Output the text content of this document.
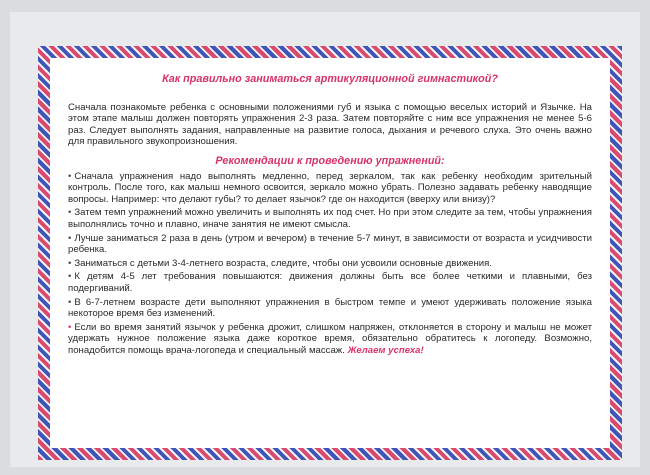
Как правильно заниматься артикуляционной гимнастикой?

Сначала познакомьте ребенка с основными положениями губ и языка с помощью веселых историй и Язычке. На этом этапе малыш должен повторять упражнения 2-3 раза. Затем повторяйте с ним все упражнения не менее 5-6 раз. Следует выполнять задания, направленные на развитие голоса, дыхания и речевого слуха. Это очень важно для правильного звукопроизношения.

Рекомендации к проведению упражнений:
• Сначала упражнения надо выполнять медленно, перед зеркалом, так как ребенку необходим зрительный контроль. После того, как малыш немного освоится, зеркало можно убрать. Полезно задавать ребенку наводящие вопросы. Например: что делают губы? то делает язычок? где он находится (вверху или внизу)?
• Затем темп упражнений можно увеличить и выполнять их под счет. Но при этом следите за тем, чтобы упражнения выполнялись точно и плавно, иначе занятия не имеют смысла.
• Лучше заниматься 2 раза в день (утром и вечером) в течение 5-7 минут, в зависимости от возраста и усидчивости ребенка.
• Заниматься с детьми 3-4-летнего возраста, следите, чтобы они усвоили основные движения.
• К детям 4-5 лет требования повышаются: движения должны быть все более четкими и плавными, без подергиваний.
• В 6-7-летнем возрасте дети выполняют упражнения в быстром темпе и умеют удерживать положение языка некоторое время без изменений.
• Если во время занятий язычок у ребенка дрожит, слишком напряжен, отклоняется в сторону и малыш не может удержать нужное положение языка даже короткое время, обязательно обратитесь к логопеду. Возможно, понадобится помощь врача-логопеда и специальный массаж. Желаем успеха!
